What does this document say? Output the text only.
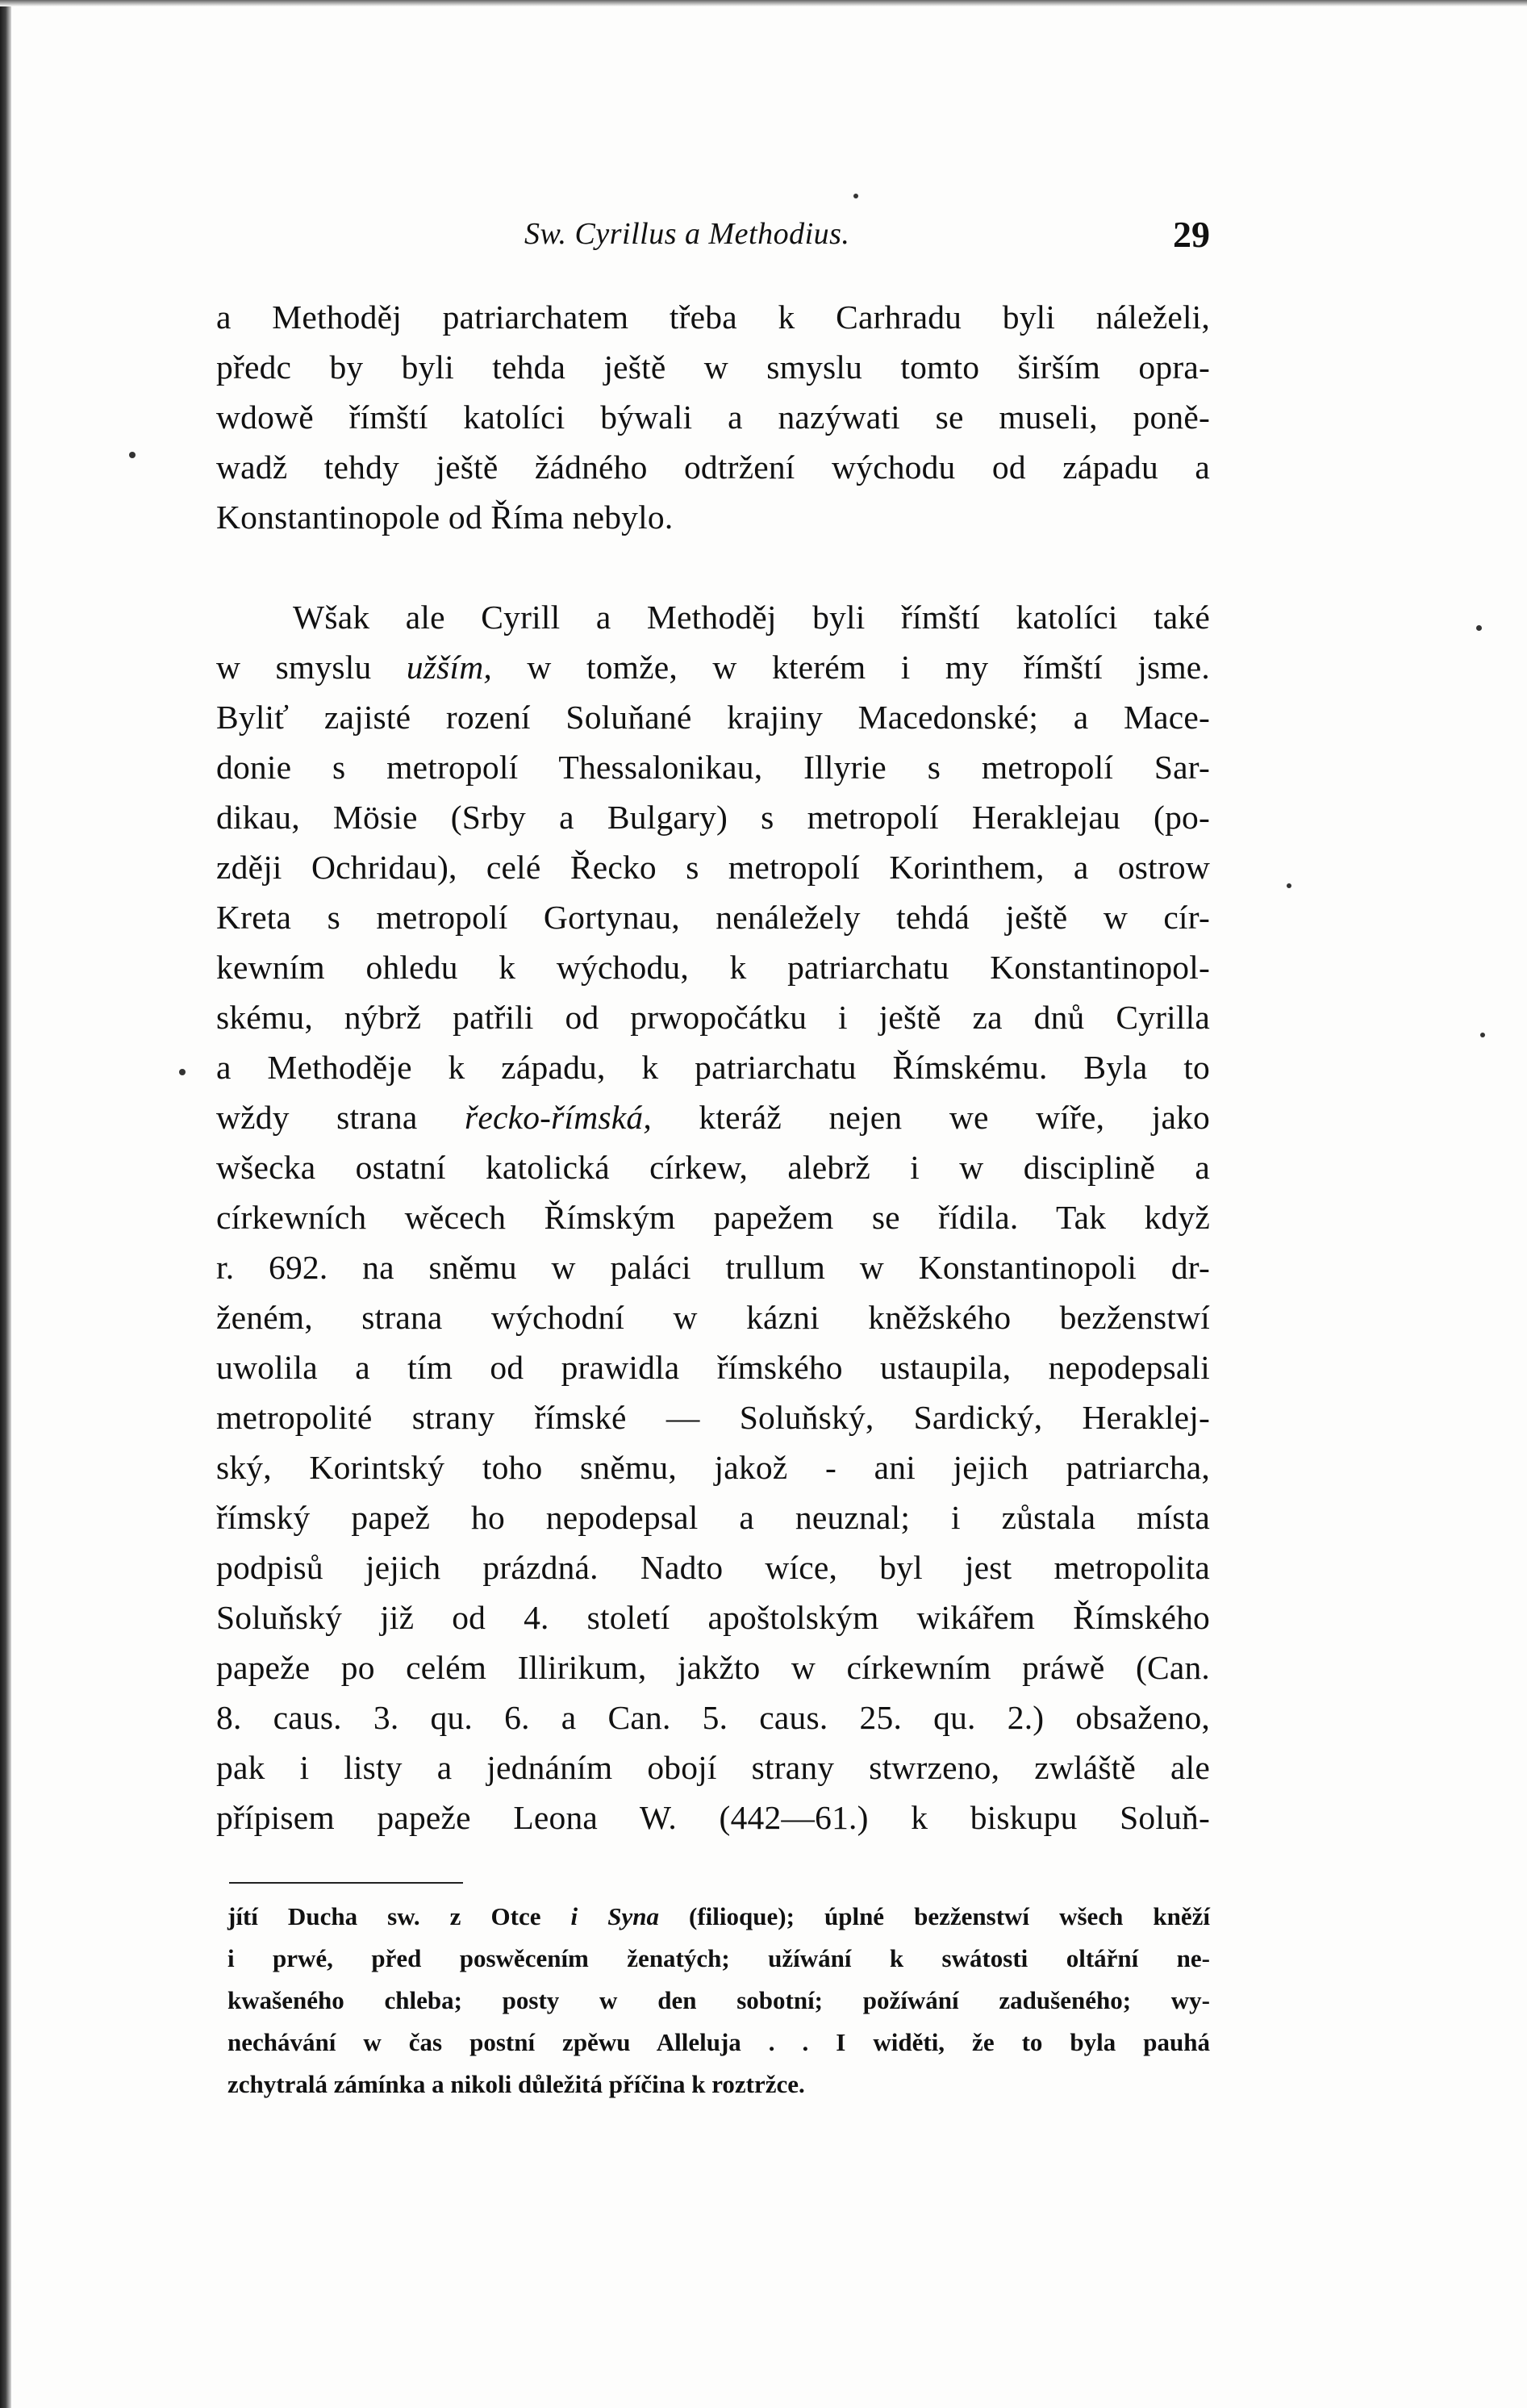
Sw. Cyrillus a Methodius.	29
a Methoděj patriarchatem třeba k Carhradu byli náleželi,
předc by byli tehda ještě w smyslu tomto širším opra-
wdowě římští katolíci býwali a nazýwati se museli, poně-
wadž tehdy ještě žádného odtržení wýchodu od západu a
Konstantinopole od Říma nebylo.
Wšak ale Cyrill a Methoděj byli římští katolíci také
w smyslu užším, w tomže, w kterém i my římští jsme.
Byliť zajisté rození Soluňané krajiny Macedonské; a Mace-
donie s metropolí Thessalonikau, Illyrie s metropolí Sar-
dikau, Mösie (Srby a Bulgary) s metropolí Heraklejau (po-
zději Ochridau), celé Řecko s metropolí Korinthem, a ostrow
Kreta s metropolí Gortynau, nenáležely tehdá ještě w cír-
kewním ohledu k wýchodu, k patriarchatu Konstantinopol-
skému, nýbrž patřili od prwopočátku i ještě za dnů Cyrilla
a Methoděje k západu, k patriarchatu Římskému. Byla to
wždy strana řecko-římská, kteráž nejen we wíře, jako
wšecka ostatní katolická církew, alebrž i w disciplině a
církewních wěcech Římským papežem se řídila. Tak když
r. 692. na sněmu w paláci trullum w Konstantinopoli dr-
ženém, strana wýchodní w kázni kněžského bezženstwí
uwolila a tím od prawidla římského ustaupila, nepodepsali
metropolité strany římské — Soluňský, Sardický, Heraklej-
ský, Korintský toho sněmu, jakož - ani jejich patriarcha,
římský papež ho nepodepsal a neuznal; i zůstala místa
podpisů jejich prázdná. Nadto wíce, byl jest metropolita
Soluňský již od 4. století apoštolským wikářem Římského
papeže po celém Illirikum, jakžto w církewním práwě (Can.
8. caus. 3. qu. 6. a Can. 5. caus. 25. qu. 2.) obsaženo,
pak i listy a jednáním obojí strany stwrzeno, zwláště ale
přípisem papeže Leona W. (442—61.) k biskupu Soluň-
jítí Ducha sw. z Otce i Syna (filioque); úplné bezženstwí wšech kněží
i prwé, před poswěcením ženatých; užíwání k swátosti oltářní ne-
kwašeného chleba; posty w den sobotní; požíwání zadušeného; wy-
nechávání w čas postní zpěwu Alleluja . . I widěti, že to byla pauhá
zchytralá zámínka a nikoli důležitá příčina k roztržce.
